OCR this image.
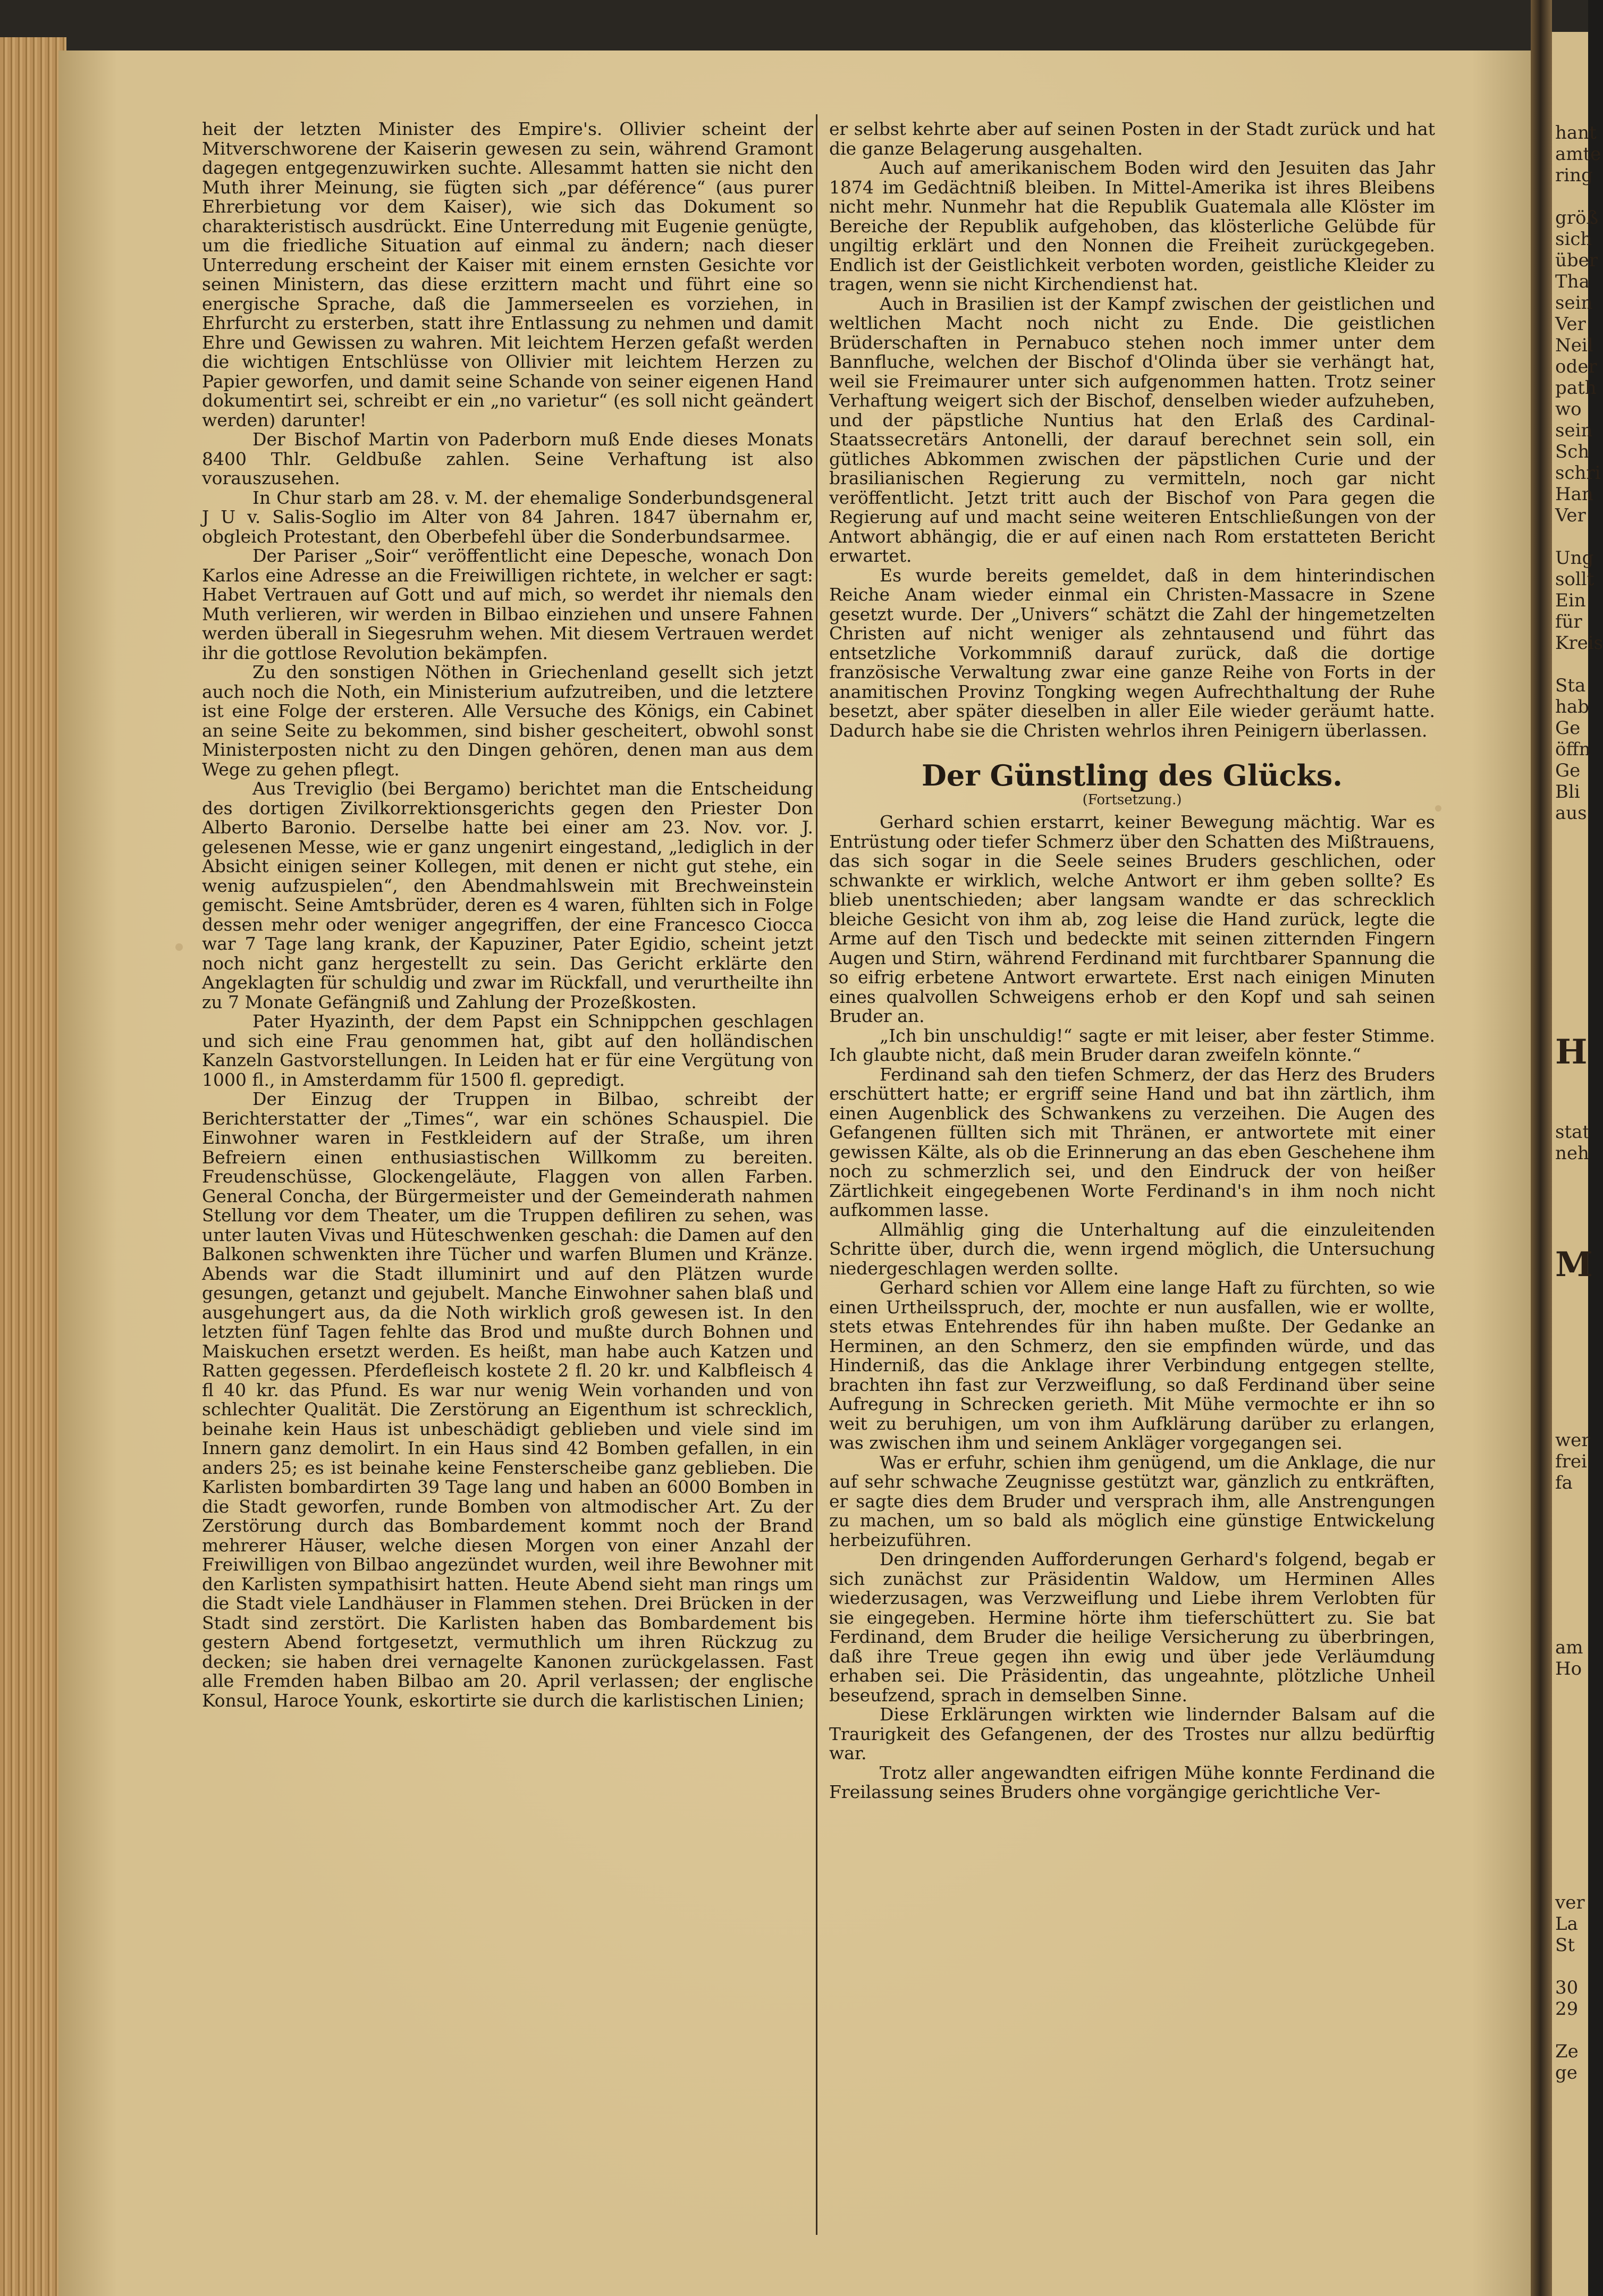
heit der letzten Minister des Empire's. Ollivier scheint der Mitverschworene der Kaiserin gewesen zu sein, während Gramont dagegen entgegenzuwirken suchte. Allesammt hatten sie nicht den Muth ihrer Meinung, sie fügten sich „par déférence“ (aus purer Ehrerbietung vor dem Kaiser), wie sich das Dokument so charakteristisch ausdrückt. Eine Unterredung mit Eugenie genügte, um die friedliche Situation auf einmal zu ändern; nach dieser Unterredung erscheint der Kaiser mit einem ernsten Gesichte vor seinen Ministern, das diese erzittern macht und führt eine so energische Sprache, daß die Jammerseelen es vorziehen, in Ehrfurcht zu ersterben, statt ihre Entlassung zu nehmen und damit Ehre und Gewissen zu wahren. Mit leichtem Herzen gefaßt werden die wichtigen Entschlüsse von Ollivier mit leichtem Herzen zu Papier geworfen, und damit seine Schande von seiner eigenen Hand dokumentirt sei, schreibt er ein „no varietur“ (es soll nicht geändert werden) darunter!

Der Bischof Martin von Paderborn muß Ende dieses Monats 8400 Thlr. Geldbuße zahlen. Seine Verhaftung ist also vorauszusehen.

In Chur starb am 28. v. M. der ehemalige Sonderbundsgeneral J U v. Salis-Soglio im Alter von 84 Jahren. 1847 übernahm er, obgleich Protestant, den Oberbefehl über die Sonderbundsarmee.

Der Pariser „Soir“ veröffentlicht eine Depesche, wonach Don Karlos eine Adresse an die Freiwilligen richtete, in welcher er sagt: Habet Vertrauen auf Gott und auf mich, so werdet ihr niemals den Muth verlieren, wir werden in Bilbao einziehen und unsere Fahnen werden überall in Siegesruhm wehen. Mit diesem Vertrauen werdet ihr die gottlose Revolution bekämpfen.

Zu den sonstigen Nöthen in Griechenland gesellt sich jetzt auch noch die Noth, ein Ministerium aufzutreiben, und die letztere ist eine Folge der ersteren. Alle Versuche des Königs, ein Cabinet an seine Seite zu bekommen, sind bisher gescheitert, obwohl sonst Ministerposten nicht zu den Dingen gehören, denen man aus dem Wege zu gehen pflegt.

Aus Treviglio (bei Bergamo) berichtet man die Entscheidung des dortigen Zivilkorrektionsgerichts gegen den Priester Don Alberto Baronio. Derselbe hatte bei einer am 23. Nov. vor. J. gelesenen Messe, wie er ganz ungenirt eingestand, „lediglich in der Absicht einigen seiner Kollegen, mit denen er nicht gut stehe, ein wenig aufzuspielen“, den Abendmahlswein mit Brechweinstein gemischt. Seine Amtsbrüder, deren es 4 waren, fühlten sich in Folge dessen mehr oder weniger angegriffen, der eine Francesco Ciocca war 7 Tage lang krank, der Kapuziner, Pater Egidio, scheint jetzt noch nicht ganz hergestellt zu sein. Das Gericht erklärte den Angeklagten für schuldig und zwar im Rückfall, und verurtheilte ihn zu 7 Monate Gefängniß und Zahlung der Prozeßkosten.

Pater Hyazinth, der dem Papst ein Schnippchen geschlagen und sich eine Frau genommen hat, gibt auf den holländischen Kanzeln Gastvorstellungen. In Leiden hat er für eine Vergütung von 1000 fl., in Amsterdamm für 1500 fl. gepredigt.

Der Einzug der Truppen in Bilbao, schreibt der Berichterstatter der „Times“, war ein schönes Schauspiel. Die Einwohner waren in Festkleidern auf der Straße, um ihren Befreiern einen enthusiastischen Willkomm zu bereiten. Freudenschüsse, Glockengeläute, Flaggen von allen Farben. General Concha, der Bürgermeister und der Gemeinderath nahmen Stellung vor dem Theater, um die Truppen defiliren zu sehen, was unter lauten Vivas und Hüteschwenken geschah: die Damen auf den Balkonen schwenkten ihre Tücher und warfen Blumen und Kränze. Abends war die Stadt illuminirt und auf den Plätzen wurde gesungen, getanzt und gejubelt. Manche Einwohner sahen blaß und ausgehungert aus, da die Noth wirklich groß gewesen ist. In den letzten fünf Tagen fehlte das Brod und mußte durch Bohnen und Maiskuchen ersetzt werden. Es heißt, man habe auch Katzen und Ratten gegessen. Pferdefleisch kostete 2 fl. 20 kr. und Kalbfleisch 4 fl 40 kr. das Pfund. Es war nur wenig Wein vorhanden und von schlechter Qualität. Die Zerstörung an Eigenthum ist schrecklich, beinahe kein Haus ist unbeschädigt geblieben und viele sind im Innern ganz demolirt. In ein Haus sind 42 Bomben gefallen, in ein anders 25; es ist beinahe keine Fensterscheibe ganz geblieben. Die Karlisten bombardirten 39 Tage lang und haben an 6000 Bomben in die Stadt geworfen, runde Bomben von altmodischer Art. Zu der Zerstörung durch das Bombardement kommt noch der Brand mehrerer Häuser, welche diesen Morgen von einer Anzahl der Freiwilligen von Bilbao angezündet wurden, weil ihre Bewohner mit den Karlisten sympathisirt hatten. Heute Abend sieht man rings um die Stadt viele Landhäuser in Flammen stehen. Drei Brücken in der Stadt sind zerstört. Die Karlisten haben das Bombardement bis gestern Abend fortgesetzt, vermuthlich um ihren Rückzug zu decken; sie haben drei vernagelte Kanonen zurückgelassen. Fast alle Fremden haben Bilbao am 20. April verlassen; der englische Konsul, Haroce Younk, eskortirte sie durch die karlistischen Linien;

er selbst kehrte aber auf seinen Posten in der Stadt zurück und hat die ganze Belagerung ausgehalten.

Auch auf amerikanischem Boden wird den Jesuiten das Jahr 1874 im Gedächtniß bleiben. In Mittel-Amerika ist ihres Bleibens nicht mehr. Nunmehr hat die Republik Guatemala alle Klöster im Bereiche der Republik aufgehoben, das klösterliche Gelübde für ungiltig erklärt und den Nonnen die Freiheit zurückgegeben. Endlich ist der Geistlichkeit verboten worden, geistliche Kleider zu tragen, wenn sie nicht Kirchendienst hat.

Auch in Brasilien ist der Kampf zwischen der geistlichen und weltlichen Macht noch nicht zu Ende. Die geistlichen Brüderschaften in Pernabuco stehen noch immer unter dem Bannfluche, welchen der Bischof d'Olinda über sie verhängt hat, weil sie Freimaurer unter sich aufgenommen hatten. Trotz seiner Verhaftung weigert sich der Bischof, denselben wieder aufzuheben, und der päpstliche Nuntius hat den Erlaß des Cardinal-Staatssecretärs Antonelli, der darauf berechnet sein soll, ein gütliches Abkommen zwischen der päpstlichen Curie und der brasilianischen Regierung zu vermitteln, noch gar nicht veröffentlicht. Jetzt tritt auch der Bischof von Para gegen die Regierung auf und macht seine weiteren Entschließungen von der Antwort abhängig, die er auf einen nach Rom erstatteten Bericht erwartet.

Es wurde bereits gemeldet, daß in dem hinterindischen Reiche Anam wieder einmal ein Christen-Massacre in Szene gesetzt wurde. Der „Univers“ schätzt die Zahl der hingemetzelten Christen auf nicht weniger als zehntausend und führt das entsetzliche Vorkommniß darauf zurück, daß die dortige französische Verwaltung zwar eine ganze Reihe von Forts in der anamitischen Provinz Tongking wegen Aufrechthaltung der Ruhe besetzt, aber später dieselben in aller Eile wieder geräumt hatte. Dadurch habe sie die Christen wehrlos ihren Peinigern überlassen.

Der Günstling des Glücks.

(Fortsetzung.)

Gerhard schien erstarrt, keiner Bewegung mächtig. War es Entrüstung oder tiefer Schmerz über den Schatten des Mißtrauens, das sich sogar in die Seele seines Bruders geschlichen, oder schwankte er wirklich, welche Antwort er ihm geben sollte? Es blieb unentschieden; aber langsam wandte er das schrecklich bleiche Gesicht von ihm ab, zog leise die Hand zurück, legte die Arme auf den Tisch und bedeckte mit seinen zitternden Fingern Augen und Stirn, während Ferdinand mit furchtbarer Spannung die so eifrig erbetene Antwort erwartete. Erst nach einigen Minuten eines qualvollen Schweigens erhob er den Kopf und sah seinen Bruder an.

„Ich bin unschuldig!“ sagte er mit leiser, aber fester Stimme. Ich glaubte nicht, daß mein Bruder daran zweifeln könnte.“

Ferdinand sah den tiefen Schmerz, der das Herz des Bruders erschüttert hatte; er ergriff seine Hand und bat ihn zärtlich, ihm einen Augenblick des Schwankens zu verzeihen. Die Augen des Gefangenen füllten sich mit Thränen, er antwortete mit einer gewissen Kälte, als ob die Erinnerung an das eben Geschehene ihm noch zu schmerzlich sei, und den Eindruck der von heißer Zärtlichkeit eingegebenen Worte Ferdinand's in ihm noch nicht aufkommen lasse.

Allmählig ging die Unterhaltung auf die einzuleitenden Schritte über, durch die, wenn irgend möglich, die Untersuchung niedergeschlagen werden sollte.

Gerhard schien vor Allem eine lange Haft zu fürchten, so wie einen Urtheilsspruch, der, mochte er nun ausfallen, wie er wollte, stets etwas Entehrendes für ihn haben mußte. Der Gedanke an Herminen, an den Schmerz, den sie empfinden würde, und das Hinderniß, das die Anklage ihrer Verbindung entgegen stellte, brachten ihn fast zur Verzweiflung, so daß Ferdinand über seine Aufregung in Schrecken gerieth. Mit Mühe vermochte er ihn so weit zu beruhigen, um von ihm Aufklärung darüber zu erlangen, was zwischen ihm und seinem Ankläger vorgegangen sei.

Was er erfuhr, schien ihm genügend, um die Anklage, die nur auf sehr schwache Zeugnisse gestützt war, gänzlich zu entkräften, er sagte dies dem Bruder und versprach ihm, alle Anstrengungen zu machen, um so bald als möglich eine günstige Entwickelung herbeizuführen.

Den dringenden Aufforderungen Gerhard's folgend, begab er sich zunächst zur Präsidentin Waldow, um Herminen Alles wiederzusagen, was Verzweiflung und Liebe ihrem Verlobten für sie eingegeben. Hermine hörte ihm tieferschüttert zu. Sie bat Ferdinand, dem Bruder die heilige Versicherung zu überbringen, daß ihre Treue gegen ihn ewig und über jede Verläumdung erhaben sei. Die Präsidentin, das ungeahnte, plötzliche Unheil beseufzend, sprach in demselben Sinne.

Diese Erklärungen wirkten wie lindernder Balsam auf die Traurigkeit des Gefangenen, der des Trostes nur allzu bedürftig war.

Trotz aller angewandten eifrigen Mühe konnte Ferdinand die Freilassung seines Bruders ohne vorgängige gerichtliche Ver-

hant
amte
ring
größ
sich
über
Tha
sein
Ver
Neil
oder
path
wo
sein
Sch
schri
Han
Ver
Ung
sollt
Ein
für
Kreis
Sta
hab
Ge
öffn
Ge
Bli
aus
H
stat
neh
M
wer
frei
fa
am
Ho
ver
La
St
30
29
Ze
ge
